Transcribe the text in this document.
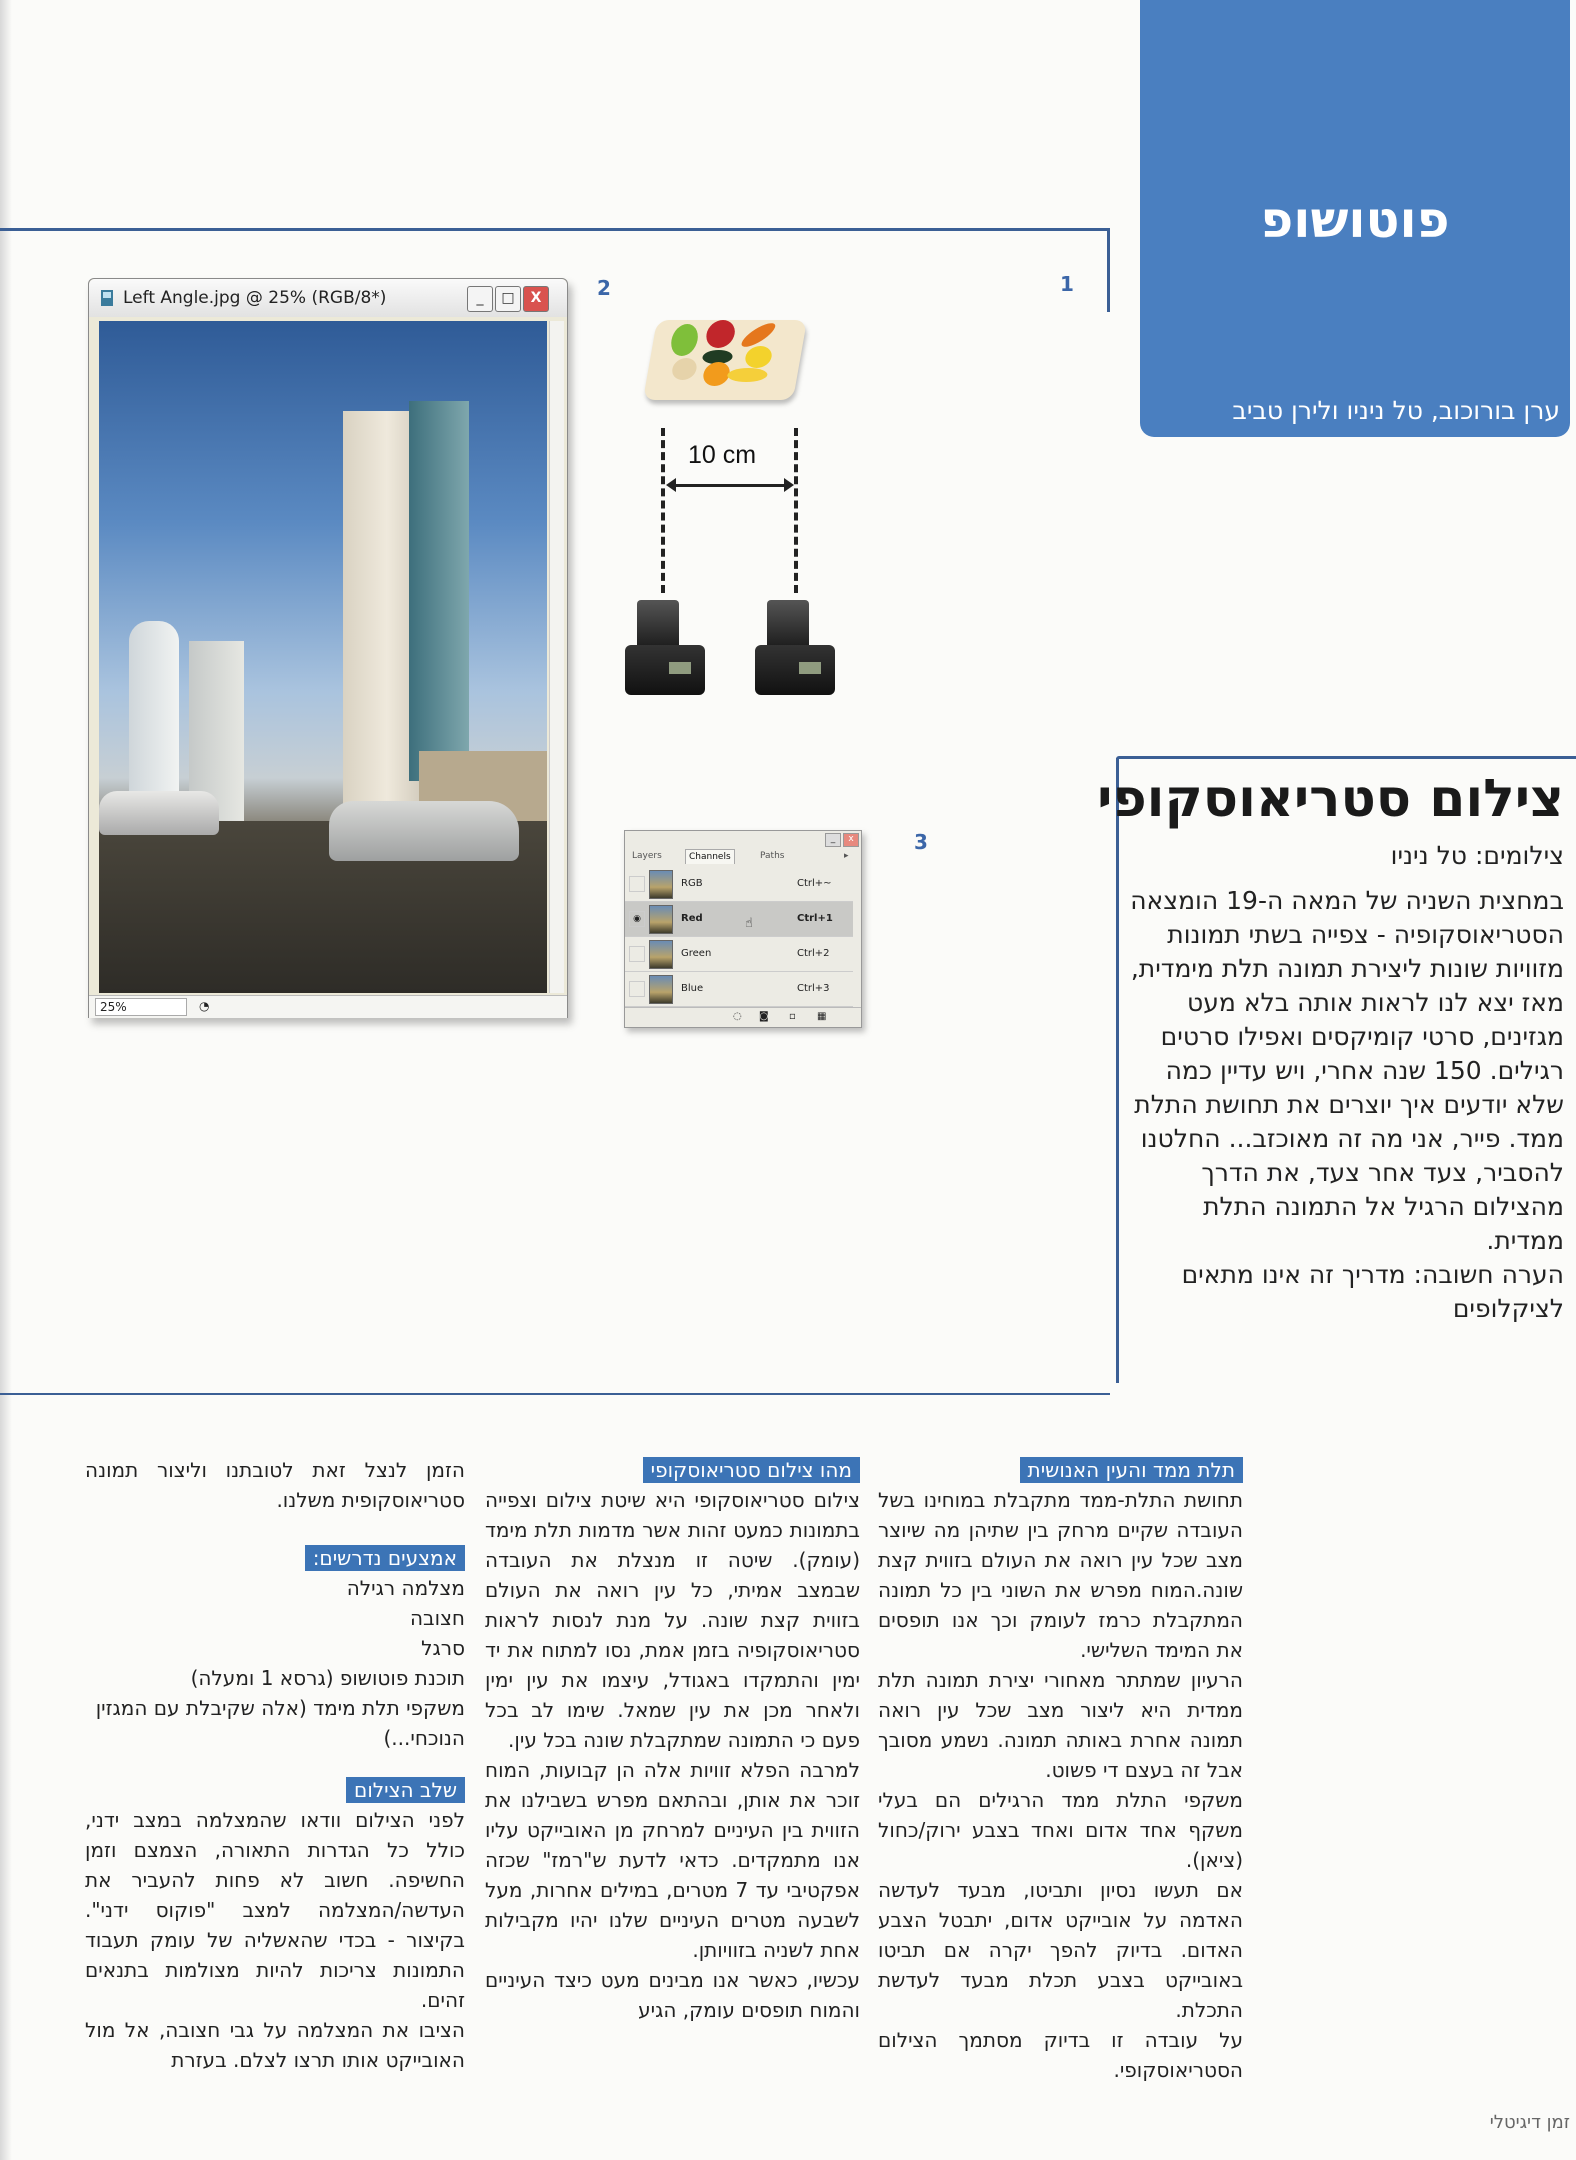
פוטושופ
ערן בורוכוב, טל ניניו ולירן טביב
1
2
3
Left Angle.jpg @ 25% (RGB/8*)	_	□	X
25%	◔
10 cm
_	x
Layers	Channels	Paths	▸
RGB	Ctrl+~
◉	Red	☝	Ctrl+1
Green	Ctrl+2
Blue	Ctrl+3
◌ ◙ ▫ ▦
צילום סטריאוסקופי
צילומים: טל ניניו

במחצית השניה של המאה ה-19 הומצאה הסטריאוסקופיה - צפייה בשתי תמונות מזוויות שונות ליצירת תמונה תלת מימדית, מאז יצא לנו לראות אותה בלא מעט מגזינים, סרטי קומיקסים ואפילו סרטים רגילים. 150 שנה אחרי, ויש עדיין כמה שלא יודעים איך יוצרים את תחושת התלת ממד. פייר, אני מה זה מאוכזב... החלטנו להסביר, צעד אחר צעד, את הדרך מהצילום הרגיל אל התמונה התלת ממדית.

הערה חשובה: מדריך זה אינו מתאים לציקלופים

תלת ממד והעין האנושית

תחושת התלת-ממד מתקבלת במוחינו בשל העובדה שקיים מרחק בין שתיהן מה שיוצר מצב שכל עין רואה את העולם בזווית קצת שונה.המוח מפרש את השוני בין כל תמונה המתקבלת כרמז לעומק וכך אנו תופסים את המימד השלישי.

הרעיון שמתתר מאחורי יצירת תמונה תלת ממדית היא ליצור מצב שכל עין רואה תמונה אחרת באותה תמונה. נשמע מסובך אבל זה בעצם די פשוט.

משקפי התלת ממד הרגילים הם בעלי משקף אחד אדום ואחד בצבע ירוק/כחול (ציאן).

אם תעשו נסיון ותביטו, מבעד לעדשה האדמה על אובייקט אדום, יתבטל הצבע האדום. בדיוק להפך יקרה אם תביטו באובייקט בצבע תכלת מבעד לעדשת התכלת.

על עובדה זו בדיוק מסתמך הצילום הסטריאוסקופי.

מהו צילום סטריאוסקופי

צילום סטריאוסקופי היא שיטת צילום וצפייה בתמונות כמעט זהות אשר מדמות תלת מימד (עומק). שיטה זו מנצלת את העובדה שבמצב אמיתי, כל עין רואה את העולם בזווית קצת שונה. על מנת לנסות לראות סטריאוסקופיה בזמן אמת, נסו למתוח את יד ימין והתמקדו באגודל, עיצמו את עין ימין ולאחר מכן את עין שמאל. שימו לב בכל פעם כי התמונה שמתקבלת שונה בכל עין.

למרבה הפלא זוויות אלה הן קבועות, המוח זוכר את אותן, ובהתאם מפרש בשבילנו את הזווית בין העיניים למרחק מן האובייקט עליו אנו מתמקדים. כדאי לדעת ש"רמז" שכזה אפקטיבי עד 7 מטרים, במילים אחרות, מעל לשבעה מטרים העיניים שלנו יהיו מקבילות אחת לשניה בזוויותן.

עכשיו, כאשר אנו מבינים מעט כיצד העיניים והמוח תופסים עומק, הגיע

הזמן לנצל זאת לטובתנו וליצור תמונה סטריאוסקופית משלנו.

אמצעים נדרשים:

מצלמה רגילה

חצובה

סרגל

תוכנת פוטושופ (גרסא 1 ומעלה)

משקפי תלת מימד (אלה שקיבלת עם המגזין הנוכחי...)

שלב הצילום

לפני הצילום וודאו שהמצלמה במצב ידני, כולל כל הגדרות התאורה, הצמצם וזמן החשיפה. חשוב לא פחות להעביר את העדשה/המצלמה למצב "פוקוס ידני". בקיצור - בכדי שהאשליה של עומק תעבוד התמונות צריכות להיות מצולמות בתנאים זהים.

הציבו את המצלמה על גבי חצובה, אל מול האובייקט אותו תרצו לצלם. בעזרת

זמן דיגיטלי
